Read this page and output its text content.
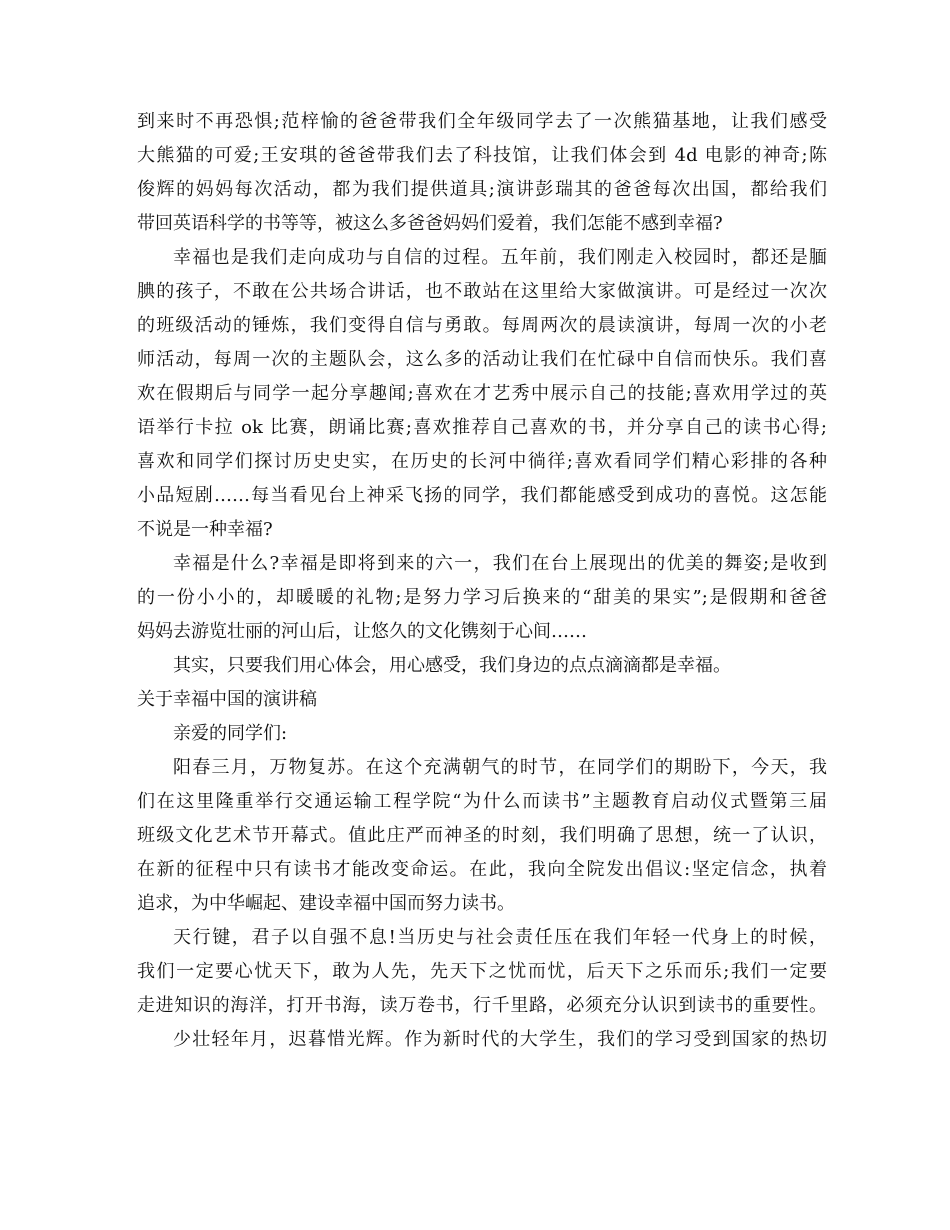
到来时不再恐惧;范梓愉的爸爸带我们全年级同学去了一次熊猫基地，让我们感受
大熊猫的可爱;王安琪的爸爸带我们去了科技馆，让我们体会到 4d 电影的神奇;陈
俊辉的妈妈每次活动，都为我们提供道具;演讲彭瑞其的爸爸每次出国，都给我们
带回英语科学的书等等，被这么多爸爸妈妈们爱着，我们怎能不感到幸福?
幸福也是我们走向成功与自信的过程。五年前，我们刚走入校园时，都还是腼
腆的孩子，不敢在公共场合讲话，也不敢站在这里给大家做演讲。可是经过一次次
的班级活动的锤炼，我们变得自信与勇敢。每周两次的晨读演讲，每周一次的小老
师活动，每周一次的主题队会，这么多的活动让我们在忙碌中自信而快乐。我们喜
欢在假期后与同学一起分享趣闻;喜欢在才艺秀中展示自己的技能;喜欢用学过的英
语举行卡拉 ok 比赛，朗诵比赛;喜欢推荐自己喜欢的书，并分享自己的读书心得;
喜欢和同学们探讨历史史实，在历史的长河中徜徉;喜欢看同学们精心彩排的各种
小品短剧……每当看见台上神采飞扬的同学，我们都能感受到成功的喜悦。这怎能
不说是一种幸福?
幸福是什么?幸福是即将到来的六一，我们在台上展现出的优美的舞姿;是收到
的一份小小的，却暖暖的礼物;是努力学习后换来的“甜美的果实”;是假期和爸爸
妈妈去游览壮丽的河山后，让悠久的文化镌刻于心间……
其实，只要我们用心体会，用心感受，我们身边的点点滴滴都是幸福。
关于幸福中国的演讲稿
亲爱的同学们:
阳春三月，万物复苏。在这个充满朝气的时节，在同学们的期盼下，今天，我
们在这里隆重举行交通运输工程学院“为什么而读书”主题教育启动仪式暨第三届
班级文化艺术节开幕式。值此庄严而神圣的时刻，我们明确了思想，统一了认识，
在新的征程中只有读书才能改变命运。在此，我向全院发出倡议:坚定信念，执着
追求，为中华崛起、建设幸福中国而努力读书。
天行键，君子以自强不息!当历史与社会责任压在我们年轻一代身上的时候，
我们一定要心忧天下，敢为人先，先天下之忧而忧，后天下之乐而乐;我们一定要
走进知识的海洋，打开书海，读万卷书，行千里路，必须充分认识到读书的重要性。
少壮轻年月，迟暮惜光辉。作为新时代的大学生，我们的学习受到国家的热切
